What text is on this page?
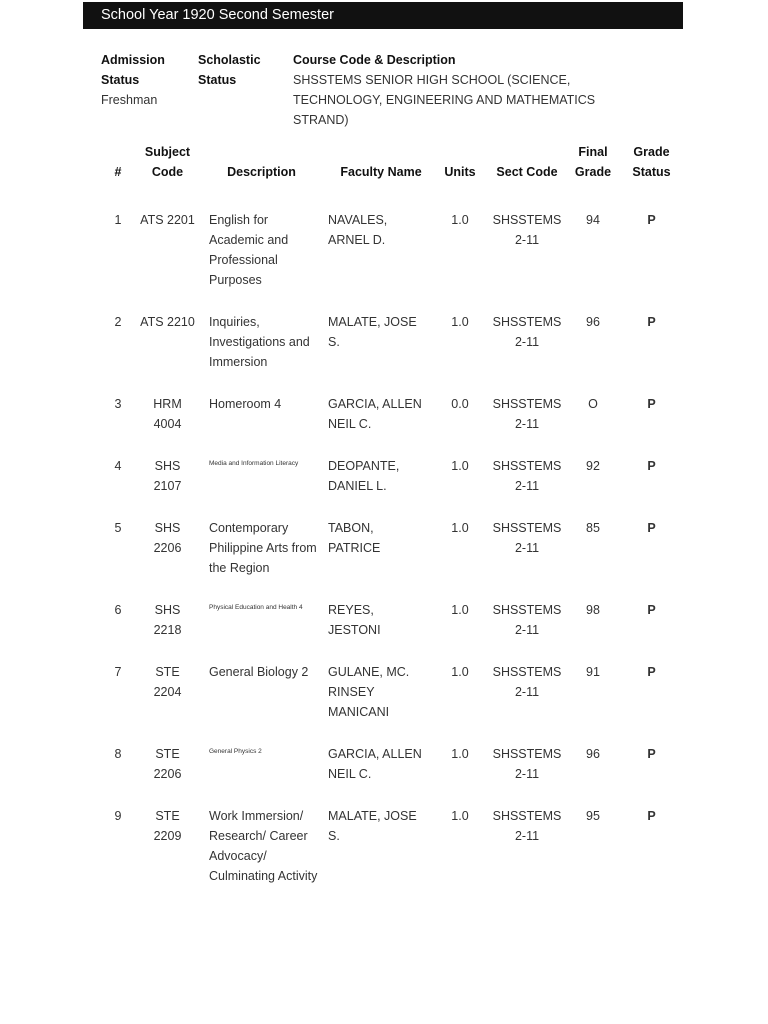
School Year 1920 Second Semester
Admission Status
Freshman
Scholastic Status
Course Code & Description
SHSSTEMS SENIOR HIGH SCHOOL (SCIENCE, TECHNOLOGY, ENGINEERING AND MATHEMATICS STRAND)
#	Subject Code	Description	Faculty Name	Units	Sect Code	Final Grade	Grade Status
1	ATS 2201	English for Academic and Professional Purposes	NAVALES, ARNEL D.	1.0	SHSSTEMS 2-11	94	P
2	ATS 2210	Inquiries, Investigations and Immersion	MALATE, JOSE S.	1.0	SHSSTEMS 2-11	96	P
3	HRM 4004	Homeroom 4	GARCIA, ALLEN NEIL C.	0.0	SHSSTEMS 2-11	O	P
4	SHS 2107	Media and Information Literacy	DEOPANTE, DANIEL L.	1.0	SHSSTEMS 2-11	92	P
5	SHS 2206	Contemporary Philippine Arts from the Region	TABON, PATRICE	1.0	SHSSTEMS 2-11	85	P
6	SHS 2218	Physical Education and Health 4	REYES, JESTONI	1.0	SHSSTEMS 2-11	98	P
7	STE 2204	General Biology 2	GULANE, MC. RINSEY MANICANI	1.0	SHSSTEMS 2-11	91	P
8	STE 2206	General Physics 2	GARCIA, ALLEN NEIL C.	1.0	SHSSTEMS 2-11	96	P
9	STE 2209	Work Immersion/ Research/ Career Advocacy/ Culminating Activity	MALATE, JOSE S.	1.0	SHSSTEMS 2-11	95	P
